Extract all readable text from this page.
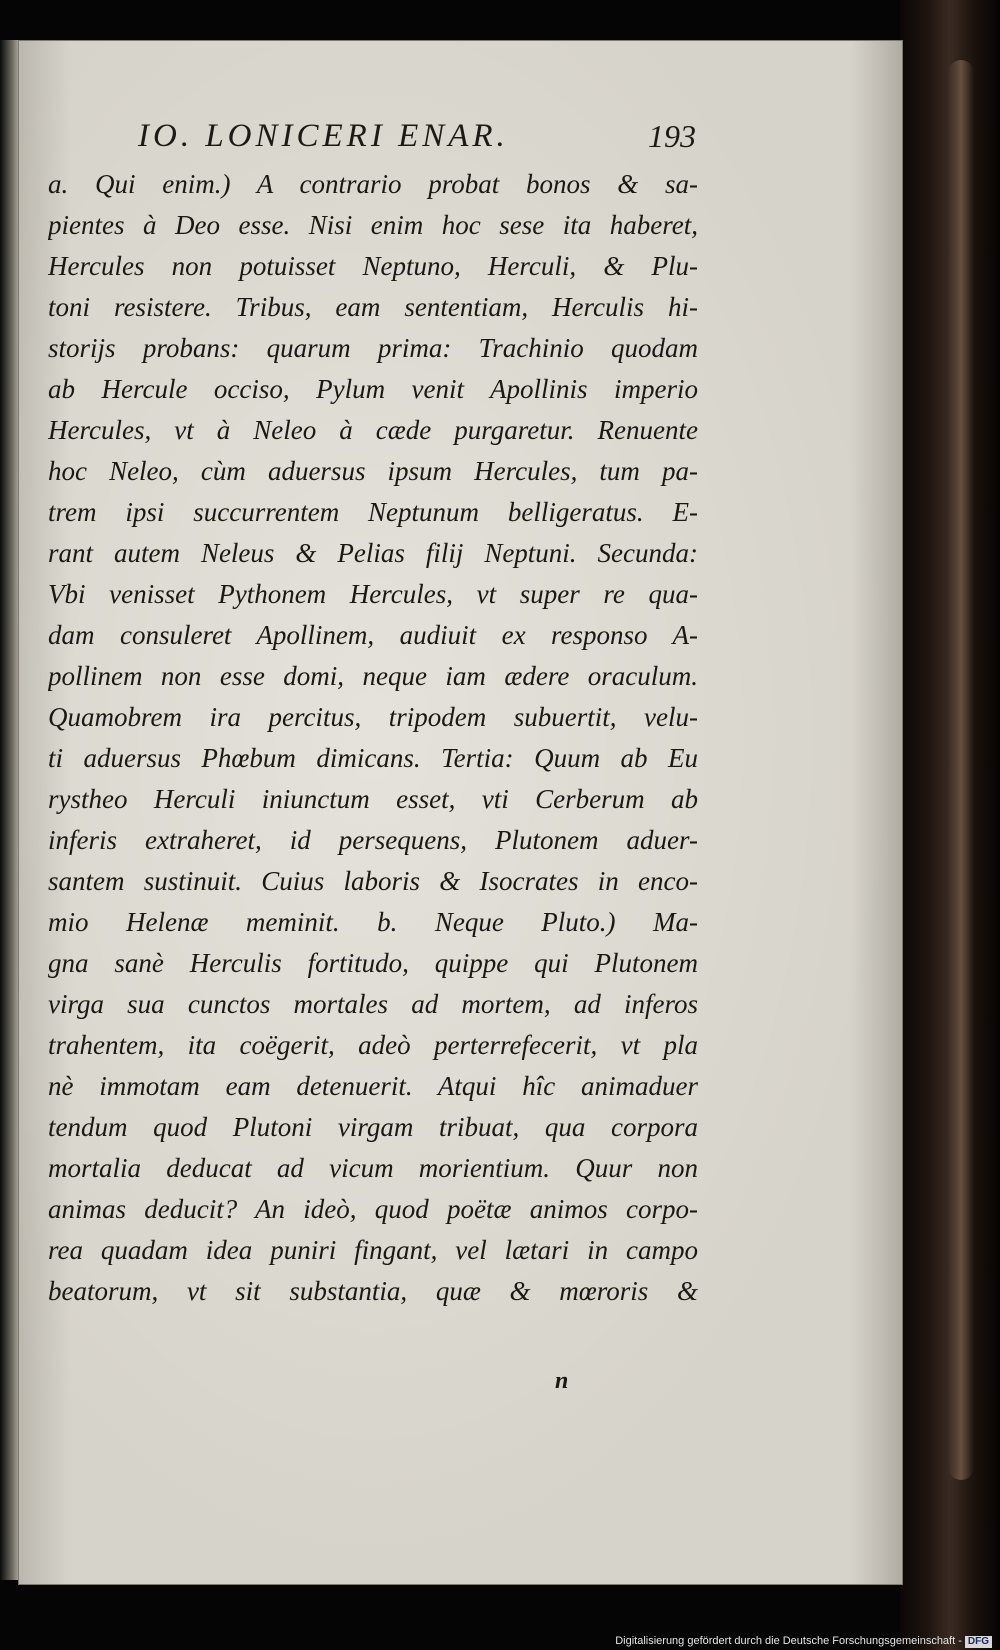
IO. LONICERI ENAR.	193
a. Qui enim.) A contrario probat bonos & sa-
pientes à Deo esse. Nisi enim hoc sese ita haberet,
Hercules non potuisset Neptuno, Herculi, & Plu-
toni resistere. Tribus, eam sententiam, Herculis hi-
storijs probans: quarum prima: Trachinio quodam
ab Hercule occiso, Pylum venit Apollinis imperio
Hercules, vt à Neleo à cæde purgaretur. Renuente
hoc Neleo, cùm aduersus ipsum Hercules, tum pa-
trem ipsi succurrentem Neptunum belligeratus. E-
rant autem Neleus & Pelias filij Neptuni. Secunda:
Vbi venisset Pythonem Hercules, vt super re qua-
dam consuleret Apollinem, audiuit ex responso A-
pollinem non esse domi, neque iam ædere oraculum.
Quamobrem ira percitus, tripodem subuertit, velu-
ti aduersus Phœbum dimicans. Tertia: Quum ab Eu
rystheo Herculi iniunctum esset, vti Cerberum ab
inferis extraheret, id persequens, Plutonem aduer-
santem sustinuit. Cuius laboris & Isocrates in enco-
mio Helenæ meminit. b. Neque Pluto.) Ma-
gna sanè Herculis fortitudo, quippe qui Plutonem
virga sua cunctos mortales ad mortem, ad inferos
trahentem, ita coëgerit, adeò perterrefecerit, vt pla
nè immotam eam detenuerit. Atqui hîc animaduer
tendum quod Plutoni virgam tribuat, qua corpora
mortalia deducat ad vicum morientium. Quur non
animas deducit? An ideò, quod poëtæ animos corpo-
rea quadam idea puniri fingant, vel lætari in campo
beatorum, vt sit substantia, quæ & mœroris &
n
Digitalisierung gefördert durch die Deutsche Forschungsgemeinschaft - DFG
